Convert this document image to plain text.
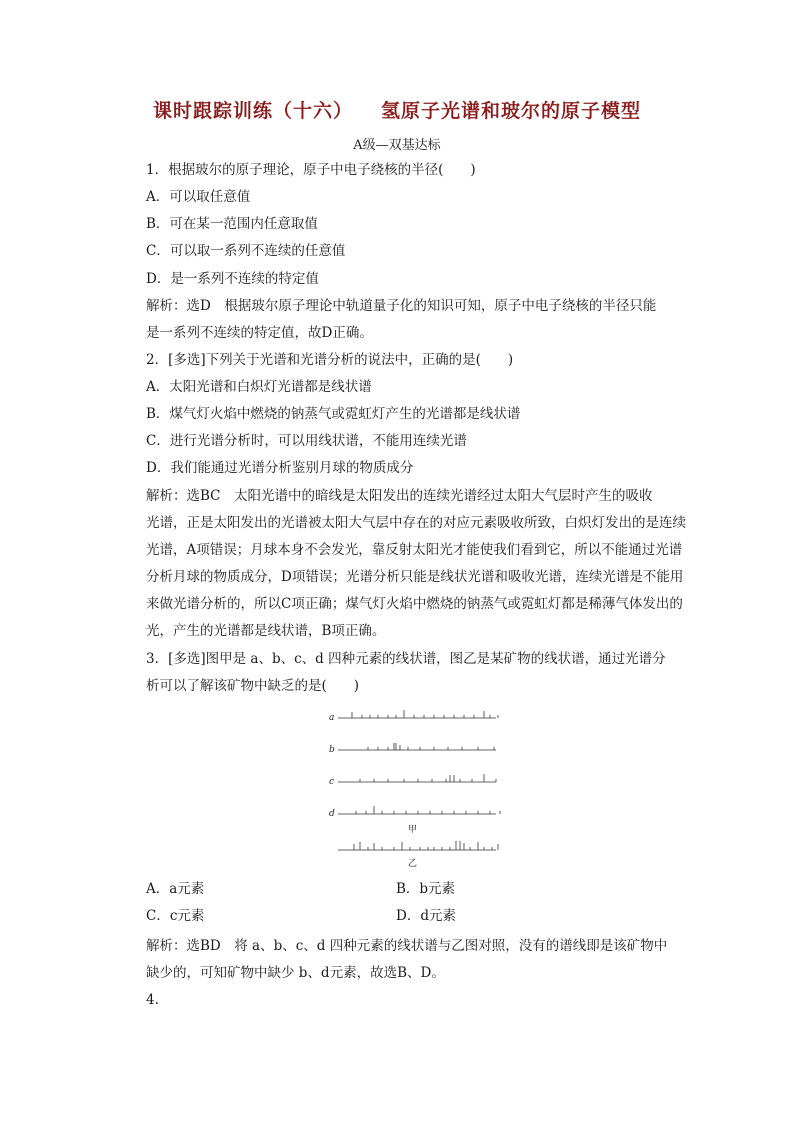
课时跟踪训练（十六） 氢原子光谱和玻尔的原子模型
A级—双基达标
1．根据玻尔的原子理论，原子中电子绕核的半径(　　)
A．可以取任意值
B．可在某一范围内任意取值
C．可以取一系列不连续的任意值
D．是一系列不连续的特定值
解析：选D　根据玻尔原子理论中轨道量子化的知识可知，原子中电子绕核的半径只能
是一系列不连续的特定值，故D正确。
2．[多选]下列关于光谱和光谱分析的说法中，正确的是(　　)
A．太阳光谱和白炽灯光谱都是线状谱
B．煤气灯火焰中燃烧的钠蒸气或霓虹灯产生的光谱都是线状谱
C．进行光谱分析时，可以用线状谱，不能用连续光谱
D．我们能通过光谱分析鉴别月球的物质成分
解析：选BC　太阳光谱中的暗线是太阳发出的连续光谱经过太阳大气层时产生的吸收
光谱，正是太阳发出的光谱被太阳大气层中存在的对应元素吸收所致，白炽灯发出的是连续
光谱，A项错误；月球本身不会发光，靠反射太阳光才能使我们看到它，所以不能通过光谱
分析月球的物质成分，D项错误；光谱分析只能是线状光谱和吸收光谱，连续光谱是不能用
来做光谱分析的，所以C项正确；煤气灯火焰中燃烧的钠蒸气或霓虹灯都是稀薄气体发出的
光，产生的光谱都是线状谱，B项正确。
3．[多选]图甲是 a、b、c、d 四种元素的线状谱，图乙是某矿物的线状谱，通过光谱分
析可以了解该矿物中缺乏的是(　　)
a
b
c
d
甲
乙
A．a元素	B．b元素
C．c元素	D．d元素
解析：选BD　将 a、b、c、d 四种元素的线状谱与乙图对照，没有的谱线即是该矿物中
缺少的，可知矿物中缺少 b、d元素，故选B、D。
4.
